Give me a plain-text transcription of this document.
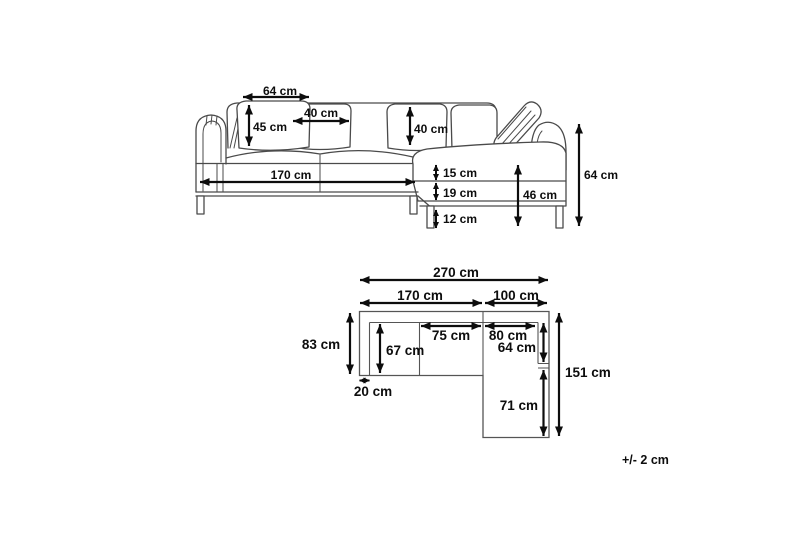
64 cm
45 cm
40 cm
40 cm
170 cm	15 cm
19 cm	46 cm
12 cm
64 cm
270 cm
170 cm	100 cm
83 cm	67 cm
75 cm 80 cm
64 cm
151 cm
71 cm
20 cm
+/- 2 cm
